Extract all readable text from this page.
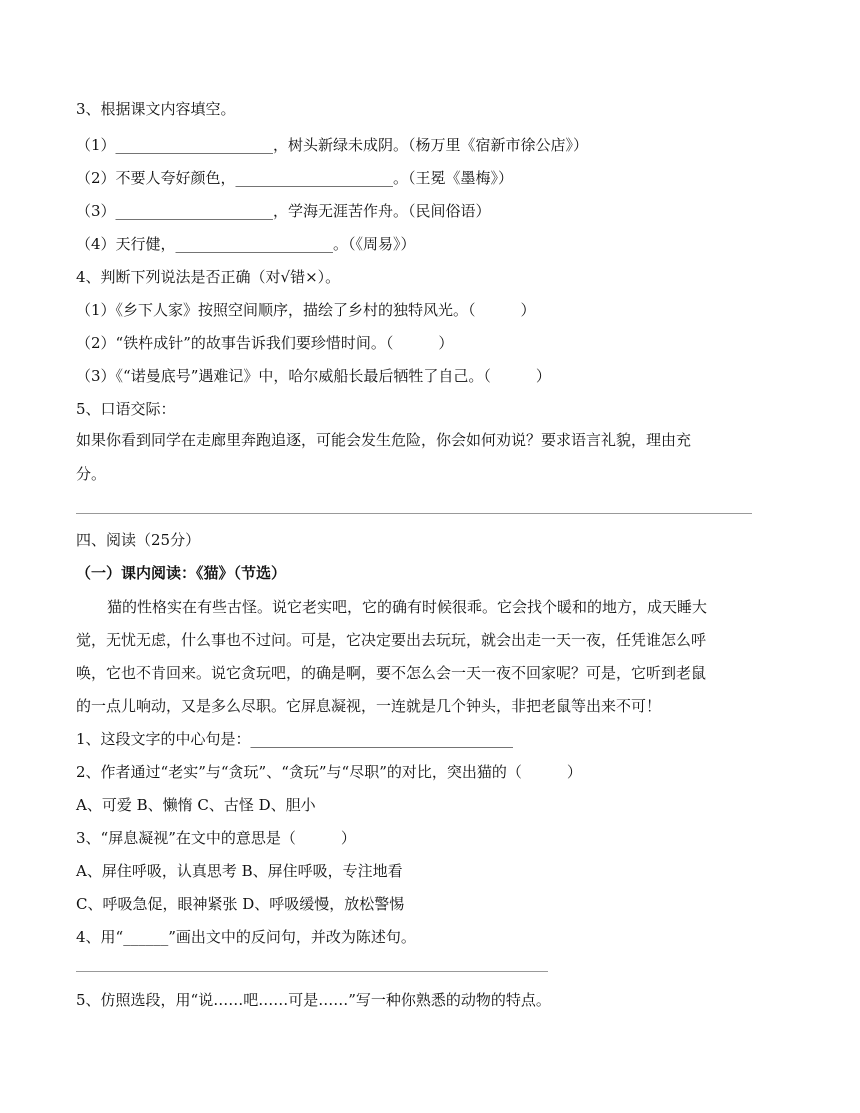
3、根据课文内容填空。
（1）_____________________，树头新绿未成阴。（杨万里《宿新市徐公店》）
（2）不要人夸好颜色，_____________________。（王冕《墨梅》）
（3）_____________________，学海无涯苦作舟。（民间俗语）
（4）天行健，_____________________。（《周易》）
4、判断下列说法是否正确（对√错×）。
（1）《乡下人家》按照空间顺序，描绘了乡村的独特风光。（　　　）
（2）“铁杵成针”的故事告诉我们要珍惜时间。（　　　）
（3）《“诺曼底号”遇难记》中，哈尔威船长最后牺牲了自己。（　　　）
5、口语交际：
如果你看到同学在走廊里奔跑追逐，可能会发生危险，你会如何劝说？要求语言礼貌，理由充
分。
四、阅读（25分）
（一）课内阅读：《猫》（节选）
猫的性格实在有些古怪。说它老实吧，它的确有时候很乖。它会找个暖和的地方，成天睡大
觉，无忧无虑，什么事也不过问。可是，它决定要出去玩玩，就会出走一天一夜，任凭谁怎么呼
唤，它也不肯回来。说它贪玩吧，的确是啊，要不怎么会一天一夜不回家呢？可是，它听到老鼠
的一点儿响动，又是多么尽职。它屏息凝视，一连就是几个钟头，非把老鼠等出来不可！
1、这段文字的中心句是：___________________________________
2、作者通过“老实”与“贪玩”、“贪玩”与“尽职”的对比，突出猫的（　　　）
A、可爱 B、懒惰 C、古怪 D、胆小
3、“屏息凝视”在文中的意思是（　　　）
A、屏住呼吸，认真思考 B、屏住呼吸，专注地看
C、呼吸急促，眼神紧张 D、呼吸缓慢，放松警惕
4、用“______”画出文中的反问句，并改为陈述句。
5、仿照选段，用“说……吧……可是……”写一种你熟悉的动物的特点。
